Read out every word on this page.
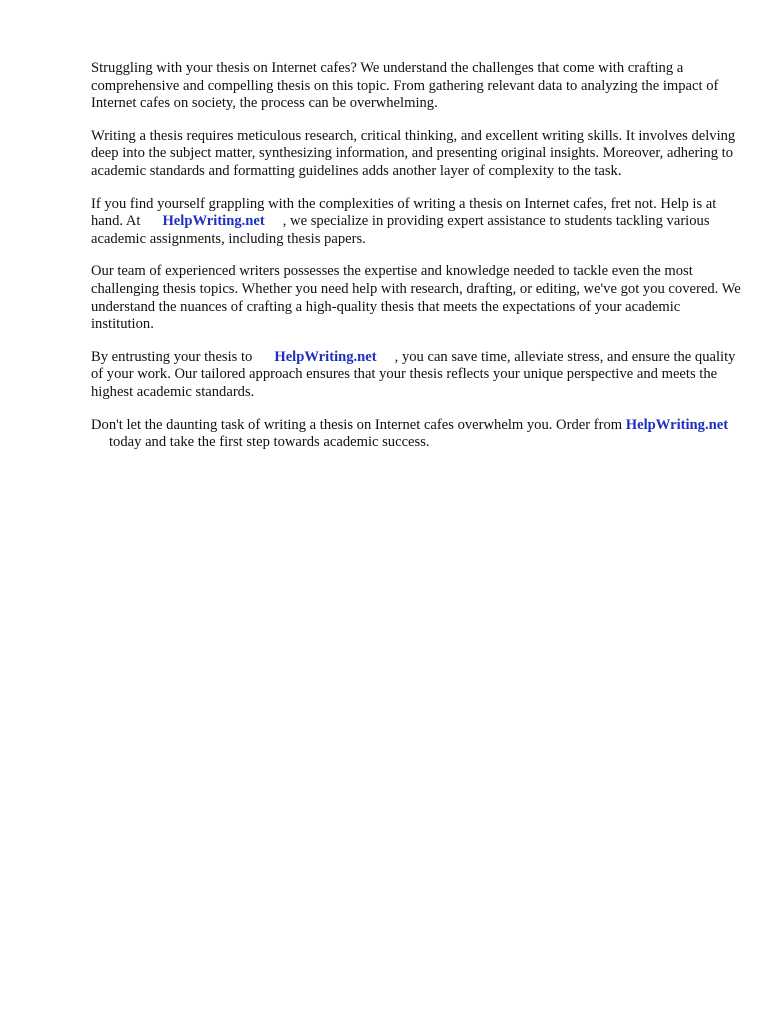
Struggling with your thesis on Internet cafes? We understand the challenges that come with crafting a comprehensive and compelling thesis on this topic. From gathering relevant data to analyzing the impact of Internet cafes on society, the process can be overwhelming.

Writing a thesis requires meticulous research, critical thinking, and excellent writing skills. It involves delving deep into the subject matter, synthesizing information, and presenting original insights. Moreover, adhering to academic standards and formatting guidelines adds another layer of complexity to the task.

If you find yourself grappling with the complexities of writing a thesis on Internet cafes, fret not. Help is at hand. At HelpWriting.net , we specialize in providing expert assistance to students tackling various academic assignments, including thesis papers.

Our team of experienced writers possesses the expertise and knowledge needed to tackle even the most challenging thesis topics. Whether you need help with research, drafting, or editing, we've got you covered. We understand the nuances of crafting a high-quality thesis that meets the expectations of your academic institution.

By entrusting your thesis to HelpWriting.net , you can save time, alleviate stress, and ensure the quality of your work. Our tailored approach ensures that your thesis reflects your unique perspective and meets the highest academic standards.

Don't let the daunting task of writing a thesis on Internet cafes overwhelm you. Order from HelpWriting.nettoday and take the first step towards academic success.
